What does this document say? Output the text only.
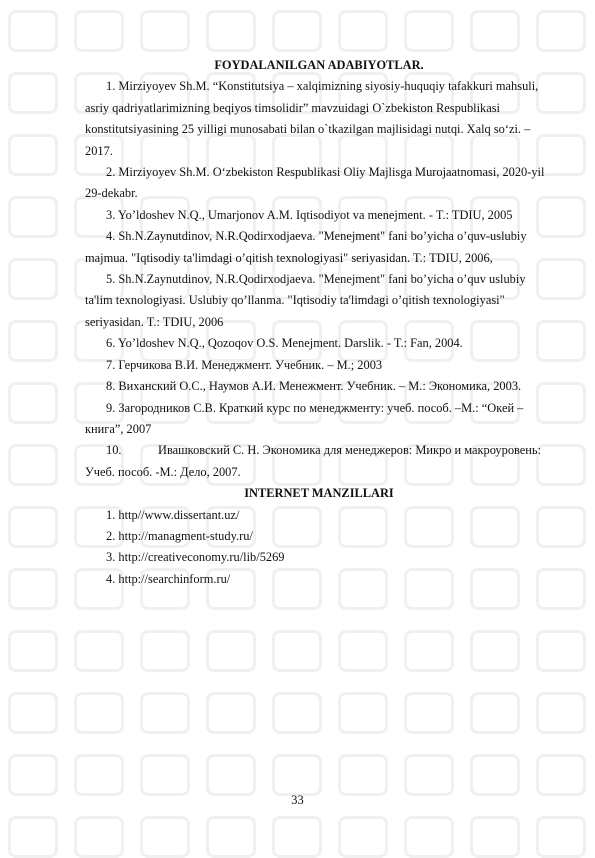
FOYDALANILGAN ADABIYOTLAR.

1. Mirziyoyev Sh.M. “Konstitutsiya – xalqimizning siyosiy-huquqiy tafakkuri mahsuli, asriy qadriyatlarimizning beqiyos timsolidir” mavzuidagi O`zbekiston Respublikasi konstitutsiyasining 25 yilligi munosabati bilan o`tkazilgan majlisidagi nutqi. Xalq so‘zi. – 2017.

2. Mirziyoyev Sh.M. O‘zbekiston Respublikasi Oliy Majlisga Murojaatnomasi, 2020-yil 29-dekabr.

3. Yo’ldoshev N.Q., Umarjonov A.M. Iqtisodiyot va menejment. - T.: TDIU, 2005

4. Sh.N.Zaynutdinov, N.R.Qodirxodjaeva. "Menejment" fani bo’yicha o’quv-uslubiy majmua. "Iqtisodiy ta'limdagi o’qitish texnologiyasi" seriyasidan. T.: TDIU, 2006,

5. Sh.N.Zaynutdinov, N.R.Qodirxodjaeva. "Menejment" fani bo’yicha o’quv uslubiy ta'lim texnologiyasi. Uslubiy qo’llanma. "Iqtisodiy ta'limdagi o’qitish texnologiyasi" seriyasidan. T.: TDIU, 2006

6. Yo’ldoshev N.Q., Qozoqov O.S. Menejment. Darslik. - T.: Fan, 2004.

7. Герчикова В.И. Менеджмент. Учебник. – М.; 2003

8. Виханский О.С., Наумов А.И. Менежмент. Учебник. – М.: Экономика, 2003.

9. Загородников С.В. Краткий курс по менеджменту: учеб. пособ. –М.: “Окей – книга”, 2007

10.	Ивашковский С. Н. Экономика для менеджеров: Микро и макроуровень: Учеб. пособ. -М.: Дело, 2007.

INTERNET MANZILLARI

1. http//www.dissertant.uz/

2. http://managment-study.ru/

3. http://creativeconomy.ru/lib/5269

4. http://searchinform.ru/

33
